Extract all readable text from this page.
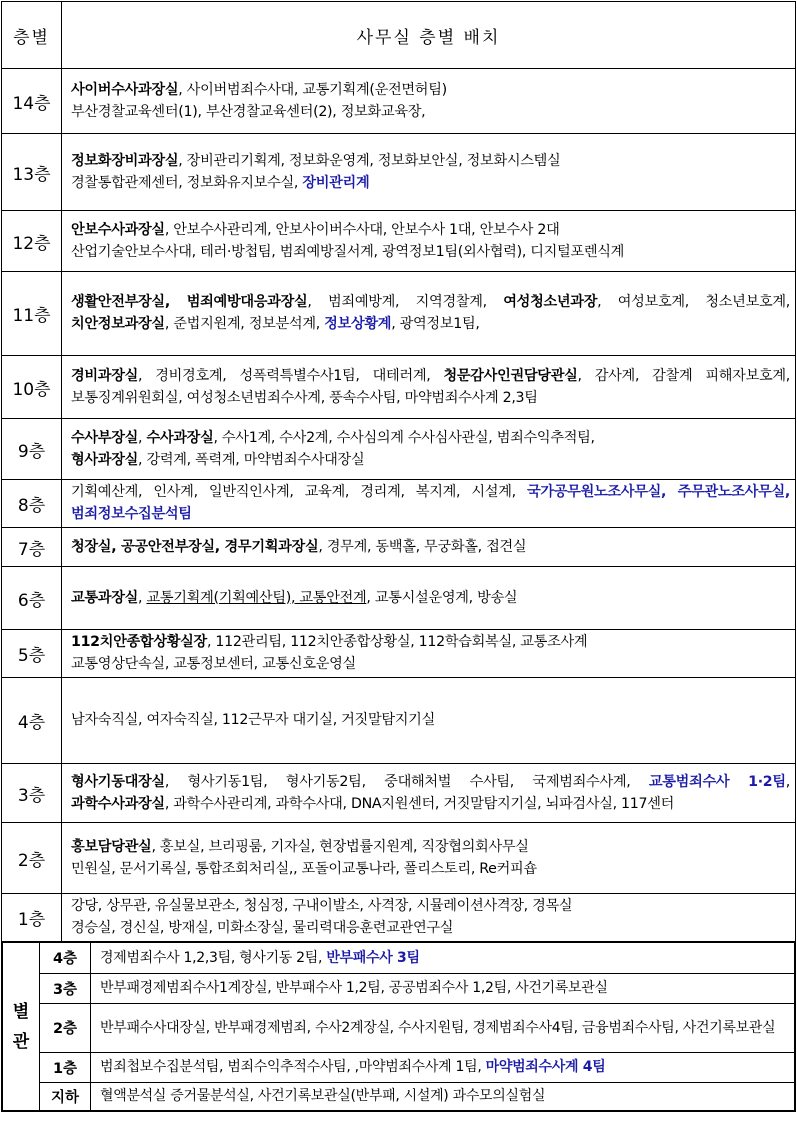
층별	사무실 층별 배치
14층	사이버수사과장실, 사이버범죄수사대, 교통기획계(운전면허팀)
부산경찰교육센터(1), 부산경찰교육센터(2), 정보화교육장,
13층	정보화장비과장실, 장비관리기획계, 정보화운영계, 정보화보안실, 정보화시스템실
경찰통합관제센터, 정보화유지보수실, 장비관리계
12층	안보수사과장실, 안보수사관리계, 안보사이버수사대, 안보수사 1대, 안보수사 2대
산업기술안보수사대, 테러·방첩팀, 범죄예방질서계, 광역정보1팀(외사협력), 디지털포렌식계
11층	생활안전부장실, 범죄예방대응과장실, 범죄예방계, 지역경찰계, 여성청소년과장, 여성보호계, 청소년보호계,치안정보과장실, 준법지원계, 정보분석계, 정보상황계, 광역정보1팀,
10층	경비과장실, 경비경호계, 성폭력특별수사1팀, 대테러계, 청문감사인권담당관실, 감사계, 감찰계 피해자보호계, 보통징계위원회실, 여성청소년범죄수사계, 풍속수사팀, 마약범죄수사계 2,3팀
9층	수사부장실, 수사과장실, 수사1계, 수사2계, 수사심의계 수사심사관실, 범죄수익추적팀,
형사과장실, 강력계, 폭력계, 마약범죄수사대장실
8층	기획예산계, 인사계, 일반직인사계, 교육계, 경리계, 복지계, 시설계, 국가공무원노조사무실, 주무관노조사무실, 범죄정보수집분석팀
7층	청장실, 공공안전부장실, 경무기획과장실, 경무계, 동백홀, 무궁화홀, 접견실
6층	교통과장실, 교통기획계(기획예산팀), 교통안전계, 교통시설운영계, 방송실
5층	112치안종합상황실장, 112관리팀, 112치안종합상황실, 112학습회복실, 교통조사계
교통영상단속실, 교통정보센터, 교통신호운영실
4층	남자숙직실, 여자숙직실, 112근무자 대기실, 거짓말탐지기실
3층	형사기동대장실, 형사기동1팀, 형사기동2팀, 중대해처벌 수사팀, 국제범죄수사계, 교통범죄수사 1·2팀, 과학수사과장실, 과학수사관리계, 과학수사대, DNA지원센터, 거짓말탐지기실, 뇌파검사실, 117센터
2층	홍보담당관실, 홍보실, 브리핑룸, 기자실, 현장법률지원계, 직장협의회사무실
민원실, 문서기록실, 통합조회처리실,, 포돌이교통나라, 폴리스토리, Re커피숍
1층	강당, 상무관, 유실물보관소, 청심정, 구내이발소, 사격장, 시뮬레이션사격장, 경목실
경승실, 경신실, 방재실, 미화소장실, 물리력대응훈련교관연구실
별관	4층	경제범죄수사 1,2,3팀, 형사기동 2팀, 반부패수사 3팀
	3층	반부패경제범죄수사1계장실, 반부패수사 1,2팀, 공공범죄수사 1,2팀, 사건기록보관실
	2층	반부패수사대장실, 반부패경제범죄, 수사2계장실, 수사지원팀, 경제범죄수사4팀, 금융범죄수사팀, 사건기록보관실
	1층	범죄첩보수집분석팀, 범죄수익추적수사팀, ,마약범죄수사계 1팀, 마약범죄수사계 4팀
	지하	혈액분석실 증거물분석실, 사건기록보관실(반부패, 시설계) 과수모의실험실
